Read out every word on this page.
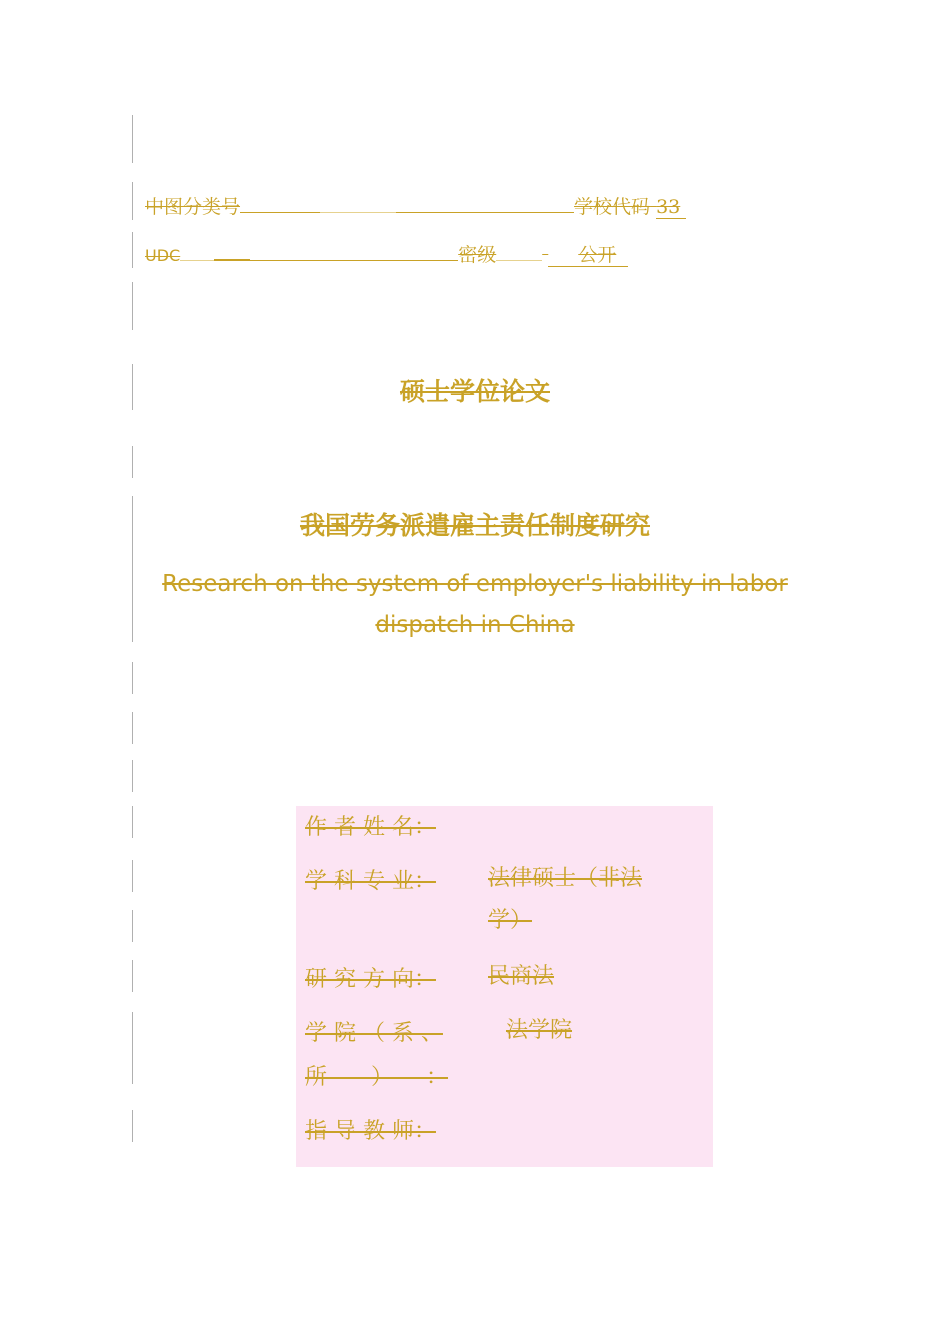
中图分类号	学校代码 33
UDC	密级	公开
硕士学位论文
我国劳务派遣雇主责任制度研究
Research on the system of employer's liability in labor
dispatch in China
作 者 姓 名：
学 科 专 业： 法律硕士（非法
学）
研 究 方 向： 民商法
学 院 （ 系 、
所　　）　　：
法学院
指 导 教 师：
